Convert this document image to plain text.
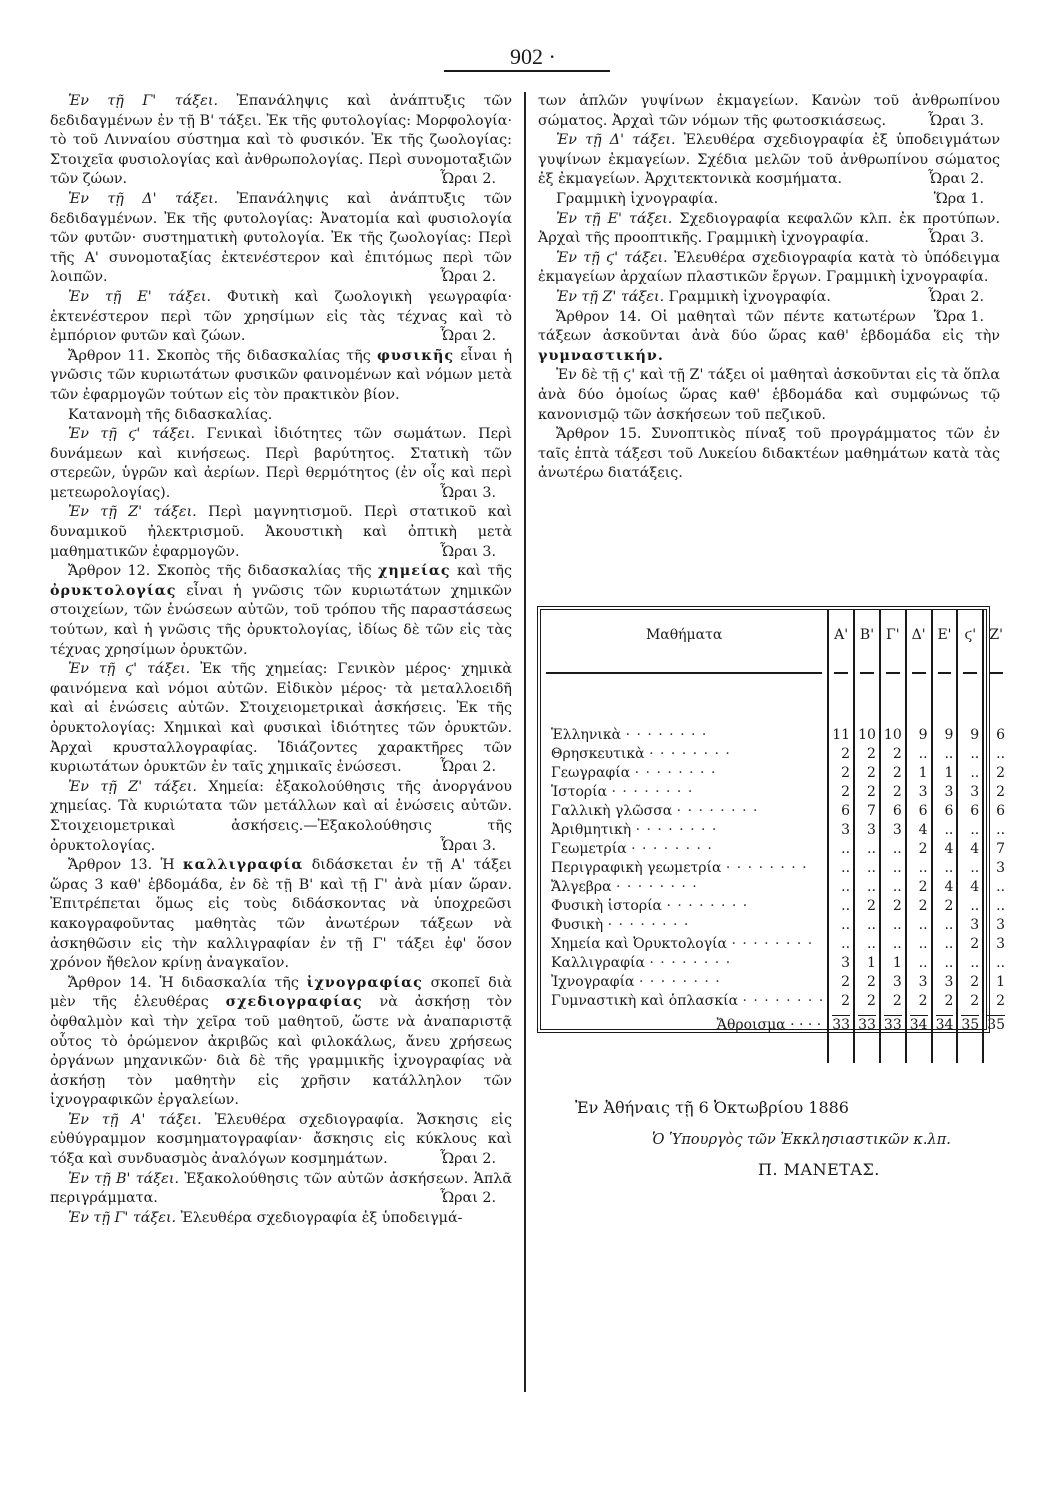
902 ·

Ἐν τῇ Γ' τάξει. Ἐπανάληψις καὶ ἀνάπτυξις τῶν δεδιδαγμένων ἐν τῇ Β' τάξει. Ἐκ τῆς φυτολογίας: Μορφολογία· τὸ τοῦ Λινναίου σύστημα καὶ τὸ φυσικόν. Ἐκ τῆς ζωολογίας: Στοιχεῖα φυσιολογίας καὶ ἀνθρωπολογίας. Περὶ συνομοταξιῶν τῶν ζώων.	Ὧραι 2.

Ἐν τῇ Δ' τάξει. Ἐπανάληψις καὶ ἀνάπτυξις τῶν δεδιδαγμένων. Ἐκ τῆς φυτολογίας: Ἀνατομία καὶ φυσιολογία τῶν φυτῶν· συστηματικὴ φυτολογία. Ἐκ τῆς ζωολογίας: Περὶ τῆς Α' συνομοταξίας ἐκτενέστερον καὶ ἐπιτόμως περὶ τῶν λοιπῶν.	Ὧραι 2.

Ἐν τῇ Ε' τάξει. Φυτικὴ καὶ ζωολογικὴ γεωγραφία· ἐκτενέστερον περὶ τῶν χρησίμων εἰς τὰς τέχνας καὶ τὸ ἐμπόριον φυτῶν καὶ ζώων.	Ὧραι 2.

Ἄρθρον 11. Σκοπὸς τῆς διδασκαλίας τῆς φυσικῆς εἶναι ἡ γνῶσις τῶν κυριωτάτων φυσικῶν φαινομένων καὶ νόμων μετὰ τῶν ἐφαρμογῶν τούτων εἰς τὸν πρακτικὸν βίον.

Κατανομὴ τῆς διδασκαλίας.

Ἐν τῇ ϛ' τάξει. Γενικαὶ ἰδιότητες τῶν σωμάτων. Περὶ δυνάμεων καὶ κινήσεως. Περὶ βαρύτητος. Στατικὴ τῶν στερεῶν, ὑγρῶν καὶ ἀερίων. Περὶ θερμότητος (ἐν οἷς καὶ περὶ μετεωρολογίας).	Ὧραι 3.

Ἐν τῇ Ζ' τάξει. Περὶ μαγνητισμοῦ. Περὶ στατικοῦ καὶ δυναμικοῦ ἠλεκτρισμοῦ. Ἀκουστικὴ καὶ ὀπτικὴ μετὰ μαθηματικῶν ἐφαρμογῶν.	Ὧραι 3.

Ἄρθρον 12. Σκοπὸς τῆς διδασκαλίας τῆς χημείας καὶ τῆς ὀρυκτολογίας εἶναι ἡ γνῶσις τῶν κυριωτάτων χημικῶν στοιχείων, τῶν ἑνώσεων αὐτῶν, τοῦ τρόπου τῆς παραστάσεως τούτων, καὶ ἡ γνῶσις τῆς ὀρυκτολογίας, ἰδίως δὲ τῶν εἰς τὰς τέχνας χρησίμων ὀρυκτῶν.

Ἐν τῇ ϛ' τάξει. Ἐκ τῆς χημείας: Γενικὸν μέρος· χημικὰ φαινόμενα καὶ νόμοι αὐτῶν. Εἰδικὸν μέρος· τὰ μεταλλοειδῆ καὶ αἱ ἑνώσεις αὐτῶν. Στοιχειομετρικαὶ ἀσκήσεις. Ἐκ τῆς ὀρυκτολογίας: Χημικαὶ καὶ φυσικαὶ ἰδιότητες τῶν ὀρυκτῶν. Ἀρχαὶ κρυσταλλογραφίας. Ἰδιάζοντες χαρακτῆρες τῶν κυριωτάτων ὀρυκτῶν ἐν ταῖς χημικαῖς ἑνώσεσι.	Ὧραι 2.

Ἐν τῇ Ζ' τάξει. Χημεία: ἐξακολούθησις τῆς ἀνοργάνου χημείας. Τὰ κυριώτατα τῶν μετάλλων καὶ αἱ ἑνώσεις αὐτῶν. Στοιχειομετρικαὶ ἀσκήσεις.—Ἐξακολούθησις τῆς ὀρυκτολογίας.	Ὧραι 3.

Ἄρθρον 13. Ἡ καλλιγραφία διδάσκεται ἐν τῇ Α' τάξει ὥρας 3 καθ' ἑβδομάδα, ἐν δὲ τῇ Β' καὶ τῇ Γ' ἀνὰ μίαν ὥραν. Ἐπιτρέπεται ὅμως εἰς τοὺς διδάσκοντας νὰ ὑποχρεῶσι κακογραφοῦντας μαθητὰς τῶν ἀνωτέρων τάξεων νὰ ἀσκηθῶσιν εἰς τὴν καλλιγραφίαν ἐν τῇ Γ' τάξει ἐφ' ὅσον χρόνον ἤθελον κρίνῃ ἀναγκαῖον.

Ἄρθρον 14. Ἡ διδασκαλία τῆς ἰχνογραφίας σκοπεῖ διὰ μὲν τῆς ἐλευθέρας σχεδιογραφίας νὰ ἀσκήσῃ τὸν ὀφθαλμὸν καὶ τὴν χεῖρα τοῦ μαθητοῦ, ὥστε νὰ ἀναπαριστᾷ οὗτος τὸ ὁρώμενον ἀκριβῶς καὶ φιλοκάλως, ἄνευ χρήσεως ὀργάνων μηχανικῶν· διὰ δὲ τῆς γραμμικῆς ἰχνογραφίας νὰ ἀσκήσῃ τὸν μαθητὴν εἰς χρῆσιν κατάλληλον τῶν ἰχνογραφικῶν ἐργαλείων.

Ἐν τῇ Α' τάξει. Ἐλευθέρα σχεδιογραφία. Ἄσκησις εἰς εὐθύγραμμον κοσμηματογραφίαν· ἄσκησις εἰς κύκλους καὶ τόξα καὶ συνδυασμὸς ἀναλόγων κοσμημάτων.	Ὧραι 2.

Ἐν τῇ Β' τάξει. Ἐξακολούθησις τῶν αὐτῶν ἀσκήσεων. Ἁπλᾶ περιγράμματα.	Ὧραι 2.

Ἐν τῇ Γ' τάξει. Ἐλευθέρα σχεδιογραφία ἐξ ὑποδειγμά-

των ἁπλῶν γυψίνων ἐκμαγείων. Κανὼν τοῦ ἀνθρωπίνου σώματος. Ἀρχαὶ τῶν νόμων τῆς φωτοσκιάσεως.	Ὧραι 3.

Ἐν τῇ Δ' τάξει. Ἐλευθέρα σχεδιογραφία ἐξ ὑποδειγμάτων γυψίνων ἐκμαγείων. Σχέδια μελῶν τοῦ ἀνθρωπίνου σώματος ἐξ ἐκμαγείων. Ἀρχιτεκτονικὰ κοσμήματα.	Ὧραι 2.

Γραμμικὴ ἰχνογραφία.	Ὥρα 1.

Ἐν τῇ Ε' τάξει. Σχεδιογραφία κεφαλῶν κλπ. ἐκ προτύπων. Ἀρχαὶ τῆς προοπτικῆς. Γραμμικὴ ἰχνογραφία.	Ὧραι 3.

Ἐν τῇ ϛ' τάξει. Ἐλευθέρα σχεδιογραφία κατὰ τὸ ὑπόδειγμα ἐκμαγείων ἀρχαίων πλαστικῶν ἔργων. Γραμμικὴ ἰχνογραφία.
Ὧραι 2.

Ἐν τῇ Ζ' τάξει. Γραμμικὴ ἰχνογραφία.
Ὥρα 1.

Ἄρθρον 14. Οἱ μαθηταὶ τῶν πέντε κατωτέρων τάξεων ἀσκοῦνται ἀνὰ δύο ὥρας καθ' ἑβδομάδα εἰς τὴν γυμναστικήν.

Ἐν δὲ τῇ ϛ' καὶ τῇ Ζ' τάξει οἱ μαθηταὶ ἀσκοῦνται εἰς τὰ ὅπλα ἀνὰ δύο ὁμοίως ὥρας καθ' ἑβδομάδα καὶ συμφώνως τῷ κανονισμῷ τῶν ἀσκήσεων τοῦ πεζικοῦ.

Ἄρθρον 15. Συνοπτικὸς πίναξ τοῦ προγράμματος τῶν ἐν ταῖς ἑπτὰ τάξεσι τοῦ Λυκείου διδακτέων μαθημάτων κατὰ τὰς ἀνωτέρω διατάξεις.

Μαθήματα	Α'	Β'	Γ'	Δ'	Ε'	ϛ'	Ζ'

Ἑλληνικὰ · · · · · · · ·	11	10	10	9	9	9	6
Θρησκευτικὰ · · · · · · · ·	2	2	2	..	..	..	..
Γεωγραφία · · · · · · · ·	2	2	2	1	1	..	2
Ἱστορία · · · · · · · ·	2	2	2	3	3	3	2
Γαλλικὴ γλῶσσα · · · · · · · ·	6	7	6	6	6	6	6
Ἀριθμητικὴ · · · · · · · ·	3	3	3	4	..	..	..
Γεωμετρία · · · · · · · ·	..	..	..	2	4	4	7
Περιγραφικὴ γεωμετρία · · · · · · · ·	..	..	..	..	..	..	3
Ἄλγεβρα · · · · · · · ·	..	..	..	2	4	4	..
Φυσικὴ ἱστορία · · · · · · · ·	..	2	2	2	2	..	..
Φυσικὴ · · · · · · · ·	..	..	..	..	..	3	3
Χημεία καὶ Ὀρυκτολογία · · · · · · · ·	..	..	..	..	..	2	3
Καλλιγραφία · · · · · · · ·	3	1	1	..	..	..	..
Ἰχνογραφία · · · · · · · ·	2	2	3	3	3	2	1
Γυμναστικὴ καὶ ὁπλασκία · · · · · · · ·	2	2	2	2	2	2	2
Ἄθροισμα · · · ·	33	33	33	34	34	35	35

Ἐν Ἀθήναις τῇ 6 Ὀκτωβρίου 1886
Ὁ Ὑπουργὸς τῶν Ἐκκλησιαστικῶν κ.λπ.
Π. ΜΑΝΕΤΑΣ.
